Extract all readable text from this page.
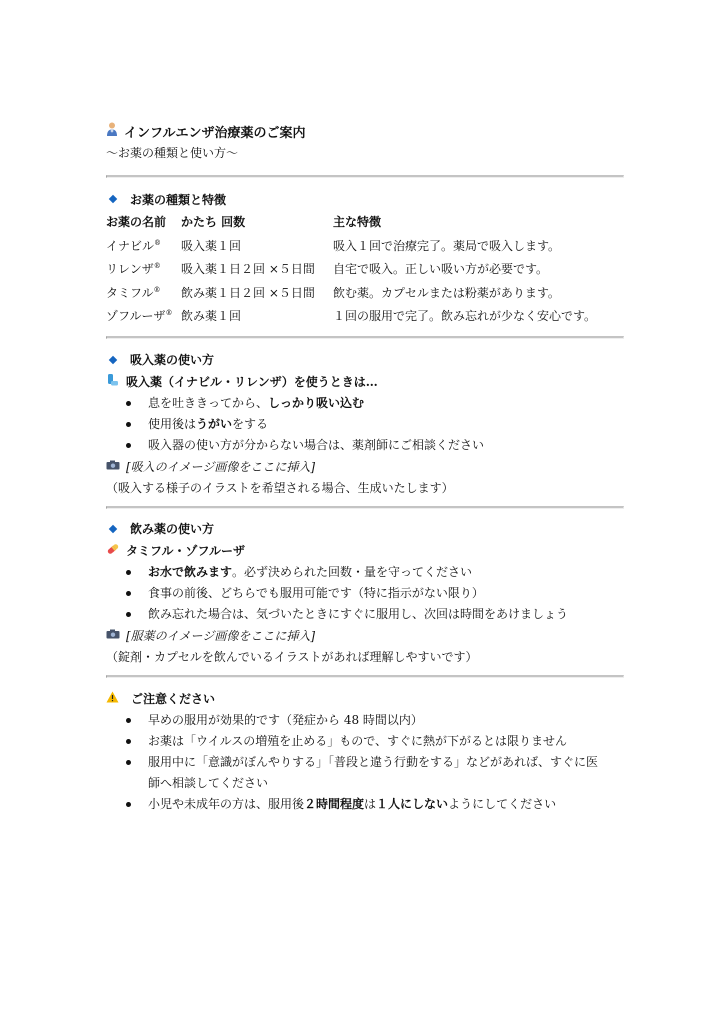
インフルエンザ治療薬のご案内
〜お薬の種類と使い方〜
お薬の種類と特徴
お薬の名前	かたち 回数	主な特徴
イナビル®	吸入薬１回	吸入１回で治療完了。薬局で吸入します。
リレンザ®	吸入薬１日２回 ×５日間	自宅で吸入。正しい吸い方が必要です。
タミフル®	飲み薬１日２回 ×５日間	飲む薬。カプセルまたは粉薬があります。
ゾフルーザ®	飲み薬１回	１回の服用で完了。飲み忘れが少なく安心です。
吸入薬の使い方
吸入薬（イナビル・リレンザ）を使うときは…
息を吐ききってから、しっかり吸い込む
使用後はうがいをする
吸入器の使い方が分からない場合は、薬剤師にご相談ください
[吸入のイメージ画像をここに挿入]
（吸入する様子のイラストを希望される場合、生成いたします）
飲み薬の使い方
タミフル・ゾフルーザ
お水で飲みます。必ず決められた回数・量を守ってください
食事の前後、どちらでも服用可能です（特に指示がない限り）
飲み忘れた場合は、気づいたときにすぐに服用し、次回は時間をあけましょう
[服薬のイメージ画像をここに挿入]
（錠剤・カプセルを飲んでいるイラストがあれば理解しやすいです）
ご注意ください
早めの服用が効果的です（発症から 48 時間以内）
お薬は「ウイルスの増殖を止める」もので、すぐに熱が下がるとは限りません
服用中に「意識がぼんやりする」「普段と違う行動をする」などがあれば、すぐに医
師へ相談してください
小児や未成年の方は、服用後２時間程度は１人にしないようにしてください
